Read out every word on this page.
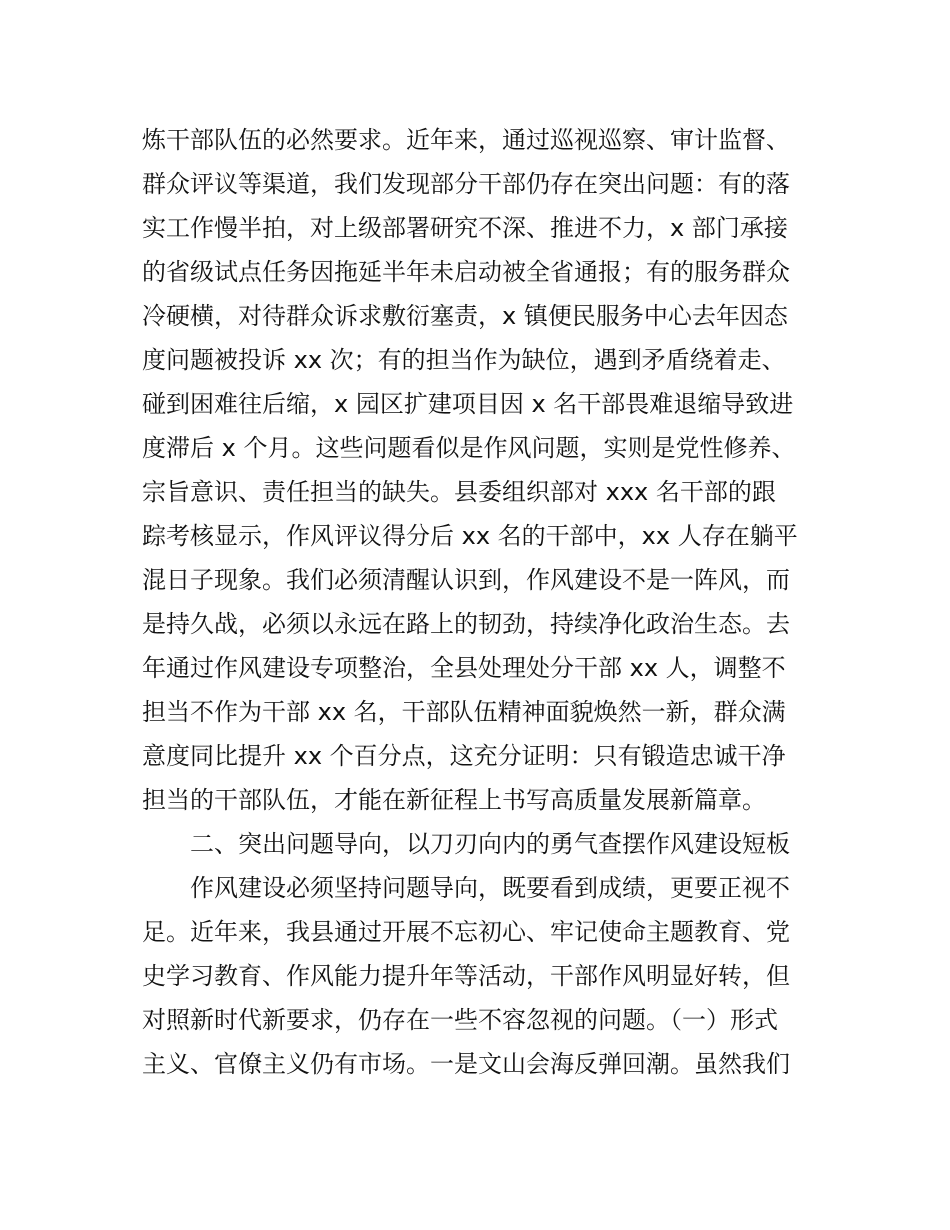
炼干部队伍的必然要求。近年来，通过巡视巡察、审计监督、
群众评议等渠道，我们发现部分干部仍存在突出问题：有的落
实工作慢半拍，对上级部署研究不深、推进不力，x 部门承接
的省级试点任务因拖延半年未启动被全省通报；有的服务群众
冷硬横，对待群众诉求敷衍塞责，x 镇便民服务中心去年因态
度问题被投诉 xx 次；有的担当作为缺位，遇到矛盾绕着走、
碰到困难往后缩，x 园区扩建项目因 x 名干部畏难退缩导致进
度滞后 x 个月。这些问题看似是作风问题，实则是党性修养、
宗旨意识、责任担当的缺失。县委组织部对 xxx 名干部的跟
踪考核显示，作风评议得分后 xx 名的干部中，xx 人存在躺平
混日子现象。我们必须清醒认识到，作风建设不是一阵风，而
是持久战，必须以永远在路上的韧劲，持续净化政治生态。去
年通过作风建设专项整治，全县处理处分干部 xx 人，调整不
担当不作为干部 xx 名，干部队伍精神面貌焕然一新，群众满
意度同比提升 xx 个百分点，这充分证明：只有锻造忠诚干净
担当的干部队伍，才能在新征程上书写高质量发展新篇章。
二、突出问题导向，以刀刃向内的勇气查摆作风建设短板
作风建设必须坚持问题导向，既要看到成绩，更要正视不
足。近年来，我县通过开展不忘初心、牢记使命主题教育、党
史学习教育、作风能力提升年等活动，干部作风明显好转，但
对照新时代新要求，仍存在一些不容忽视的问题。（一）形式
主义、官僚主义仍有市场。一是文山会海反弹回潮。虽然我们
